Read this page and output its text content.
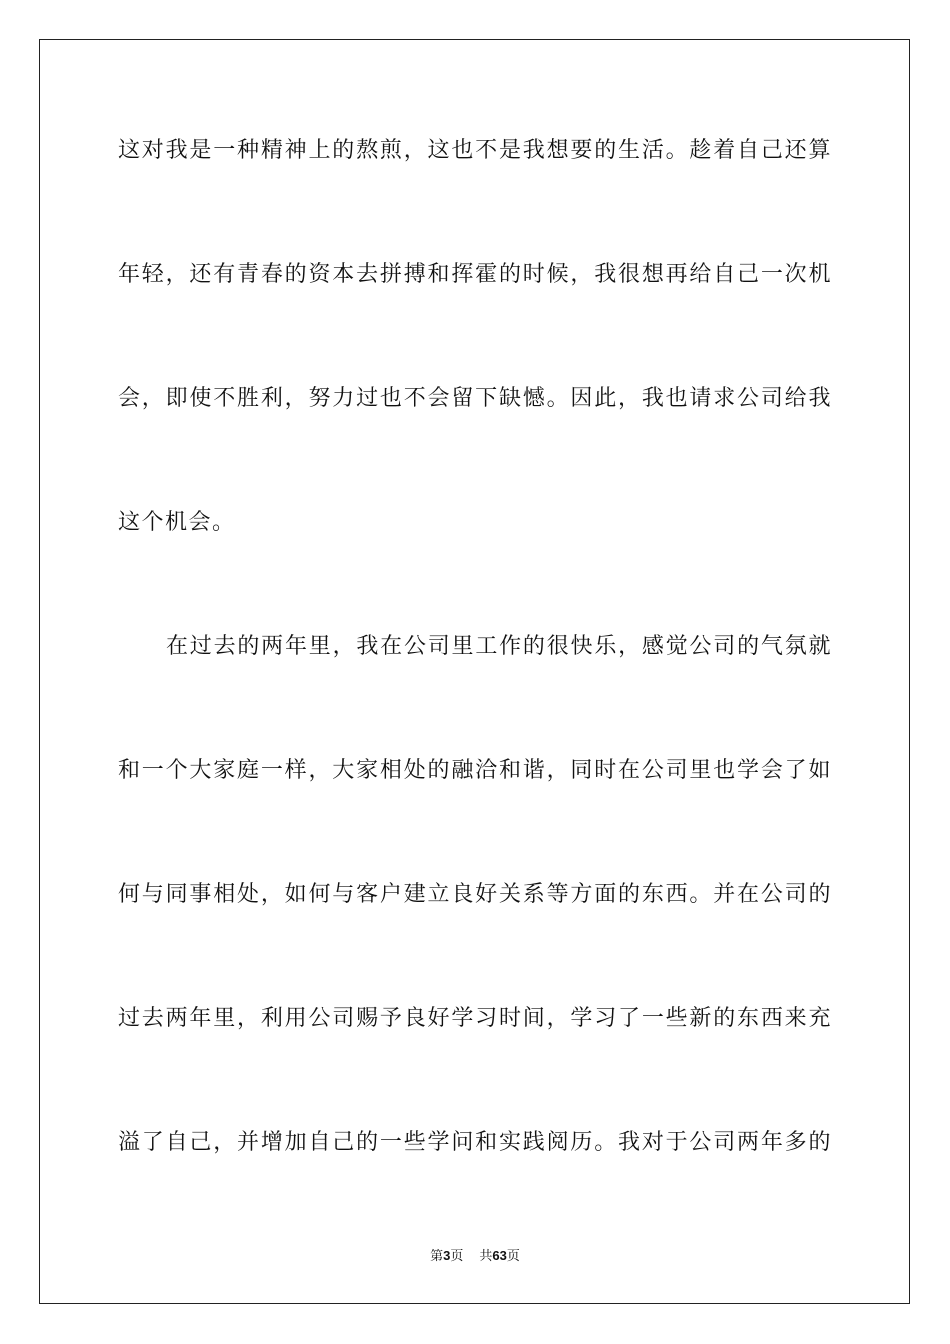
这对我是一种精神上的熬煎，这也不是我想要的生活。趁着自己还算
年轻，还有青春的资本去拼搏和挥霍的时候，我很想再给自己一次机
会，即使不胜利，努力过也不会留下缺憾。因此，我也请求公司给我
这个机会。
在过去的两年里，我在公司里工作的很快乐，感觉公司的气氛就
和一个大家庭一样，大家相处的融洽和谐，同时在公司里也学会了如
何与同事相处，如何与客户建立良好关系等方面的东西。并在公司的
过去两年里，利用公司赐予良好学习时间，学习了一些新的东西来充
溢了自己，并增加自己的一些学问和实践阅历。我对于公司两年多的
第3页 共63页
